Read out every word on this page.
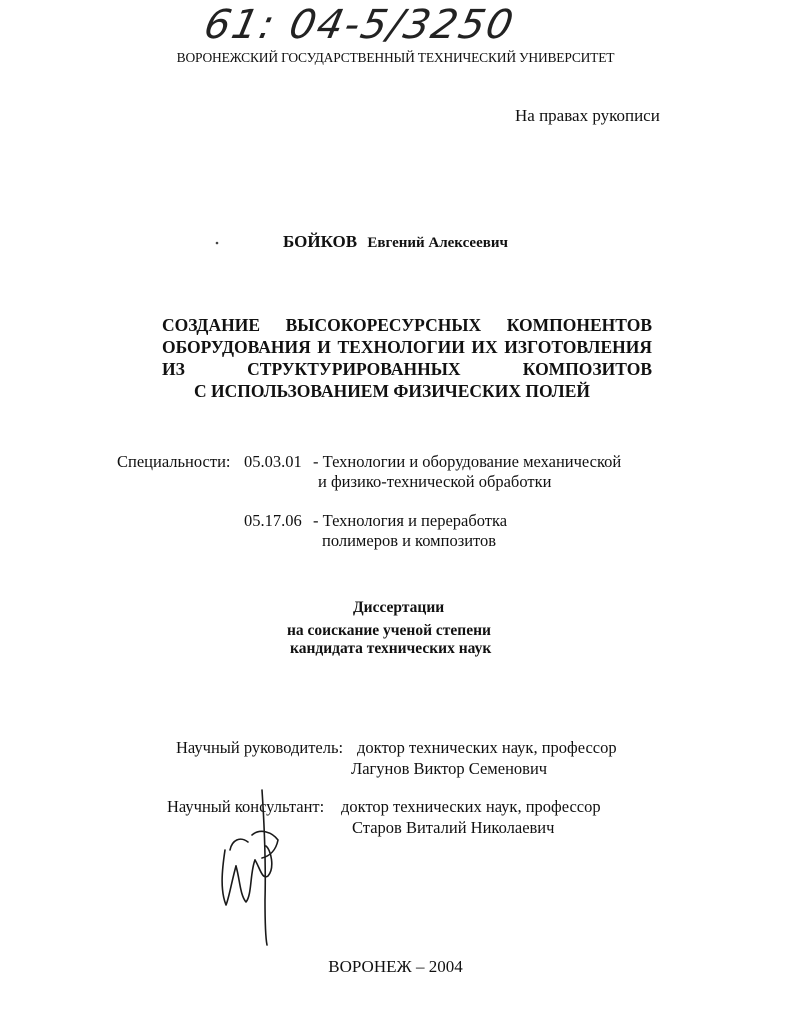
61: 04-5/3250
ВОРОНЕЖСКИЙ ГОСУДАРСТВЕННЫЙ ТЕХНИЧЕСКИЙ УНИВЕРСИТЕТ
На правах рукописи
БОЙКОВ Евгений Алексеевич
СОЗДАНИЕ ВЫСОКОРЕСУРСНЫХ КОМПОНЕНТОВ
ОБОРУДОВАНИЯ И ТЕХНОЛОГИИ ИХ ИЗГОТОВЛЕНИЯ
ИЗ СТРУКТУРИРОВАННЫХ КОМПОЗИТОВ
С ИСПОЛЬЗОВАНИЕМ ФИЗИЧЕСКИХ ПОЛЕЙ
Специальности: 05.03.01 - Технологии и оборудование механической
и физико-технической обработки
05.17.06 - Технология и переработка
полимеров и композитов
Диссертации
на соискание ученой степени
кандидата технических наук
Научный руководитель: доктор технических наук, профессор
Лагунов Виктор Семенович
Научный консультант: доктор технических наук, профессор
Старов Виталий Николаевич
ВОРОНЕЖ – 2004
